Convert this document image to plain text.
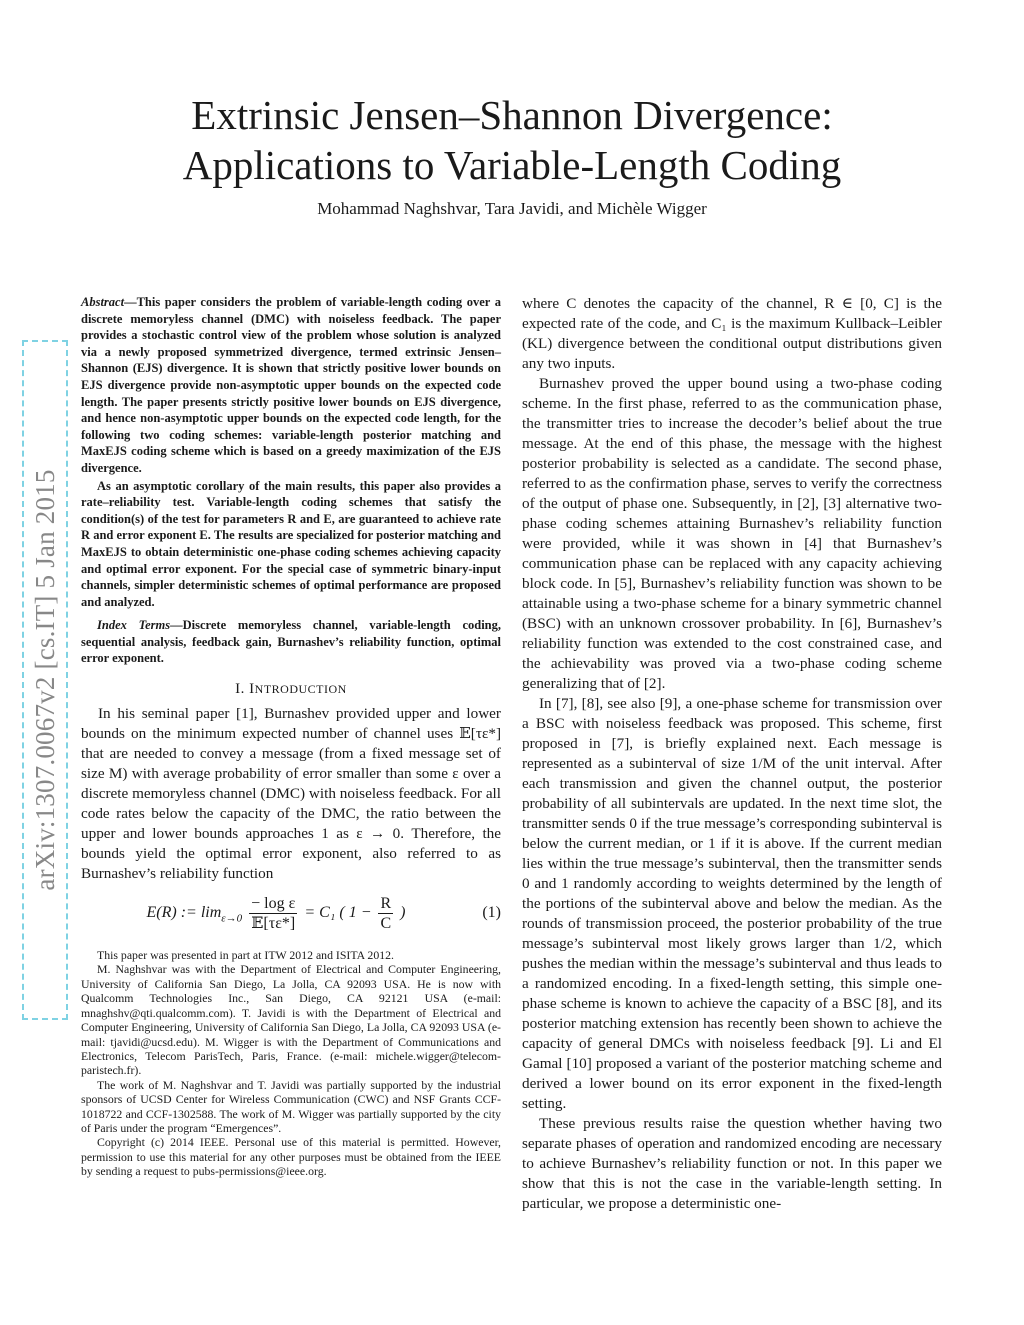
arXiv:1307.0067v2 [cs.IT] 5 Jan 2015
Extrinsic Jensen–Shannon Divergence:
Applications to Variable-Length Coding
Mohammad Naghshvar, Tara Javidi, and Michèle Wigger

Abstract—This paper considers the problem of variable-length coding over a discrete memoryless channel (DMC) with noiseless feedback. The paper provides a stochastic control view of the problem whose solution is analyzed via a newly proposed symmetrized divergence, termed extrinsic Jensen–Shannon (EJS) divergence. It is shown that strictly positive lower bounds on EJS divergence provide non-asymptotic upper bounds on the expected code length. The paper presents strictly positive lower bounds on EJS divergence, and hence non-asymptotic upper bounds on the expected code length, for the following two coding schemes: variable-length posterior matching and MaxEJS coding scheme which is based on a greedy maximization of the EJS divergence.

As an asymptotic corollary of the main results, this paper also provides a rate–reliability test. Variable-length coding schemes that satisfy the condition(s) of the test for parameters R and E, are guaranteed to achieve rate R and error exponent E. The results are specialized for posterior matching and MaxEJS to obtain deterministic one-phase coding schemes achieving capacity and optimal error exponent. For the special case of symmetric binary-input channels, simpler deterministic schemes of optimal performance are proposed and analyzed.

Index Terms—Discrete memoryless channel, variable-length coding, sequential analysis, feedback gain, Burnashev’s reliability function, optimal error exponent.

I. INTRODUCTION

In his seminal paper [1], Burnashev provided upper and lower bounds on the minimum expected number of channel uses 𝔼[τε*] that are needed to convey a message (from a fixed message set of size M) with average probability of error smaller than some ε over a discrete memoryless channel (DMC) with noiseless feedback. For all code rates below the capacity of the DMC, the ratio between the upper and lower bounds approaches 1 as ε → 0. Therefore, the bounds yield the optimal error exponent, also referred to as Burnashev’s reliability function

E(R) := $\lim_{\varepsilon\to 0} \frac{\text{− log ε}}{\text{𝔼[τε*]}} = C_1$ ( $1 - \frac{R}{C}$ )	(1)

This paper was presented in part at ITW 2012 and ISITA 2012.

M. Naghshvar was with the Department of Electrical and Computer Engineering, University of California San Diego, La Jolla, CA 92093 USA. He is now with Qualcomm Technologies Inc., San Diego, CA 92121 USA (e-mail: mnaghshv@qti.qualcomm.com). T. Javidi is with the Department of Electrical and Computer Engineering, University of California San Diego, La Jolla, CA 92093 USA (e-mail: tjavidi@ucsd.edu). M. Wigger is with the Department of Communications and Electronics, Telecom ParisTech, Paris, France. (e-mail: michele.wigger@telecom-paristech.fr).

The work of M. Naghshvar and T. Javidi was partially supported by the industrial sponsors of UCSD Center for Wireless Communication (CWC) and NSF Grants CCF-1018722 and CCF-1302588. The work of M. Wigger was partially supported by the city of Paris under the program “Emergences”.

Copyright (c) 2014 IEEE. Personal use of this material is permitted. However, permission to use this material for any other purposes must be obtained from the IEEE by sending a request to pubs-permissions@ieee.org.

where C denotes the capacity of the channel, R ∈ [0, C] is the expected rate of the code, and C₁ is the maximum Kullback–Leibler (KL) divergence between the conditional output distributions given any two inputs.

Burnashev proved the upper bound using a two-phase coding scheme. In the first phase, referred to as the communication phase, the transmitter tries to increase the decoder’s belief about the true message. At the end of this phase, the message with the highest posterior probability is selected as a candidate. The second phase, referred to as the confirmation phase, serves to verify the correctness of the output of phase one. Subsequently, in [2], [3] alternative two-phase coding schemes attaining Burnashev’s reliability function were provided, while it was shown in [4] that Burnashev’s communication phase can be replaced with any capacity achieving block code. In [5], Burnashev’s reliability function was shown to be attainable using a two-phase scheme for a binary symmetric channel (BSC) with an unknown crossover probability. In [6], Burnashev’s reliability function was extended to the cost constrained case, and the achievability was proved via a two-phase coding scheme generalizing that of [2].

In [7], [8], see also [9], a one-phase scheme for transmission over a BSC with noiseless feedback was proposed. This scheme, first proposed in [7], is briefly explained next. Each message is represented as a subinterval of size 1/M of the unit interval. After each transmission and given the channel output, the posterior probability of all subintervals are updated. In the next time slot, the transmitter sends 0 if the true message’s corresponding subinterval is below the current median, or 1 if it is above. If the current median lies within the true message’s subinterval, then the transmitter sends 0 and 1 randomly according to weights determined by the length of the portions of the subinterval above and below the median. As the rounds of transmission proceed, the posterior probability of the true message’s subinterval most likely grows larger than 1/2, which pushes the median within the message’s subinterval and thus leads to a randomized encoding. In a fixed-length setting, this simple one-phase scheme is known to achieve the capacity of a BSC [8], and its posterior matching extension has recently been shown to achieve the capacity of general DMCs with noiseless feedback [9]. Li and El Gamal [10] proposed a variant of the posterior matching scheme and derived a lower bound on its error exponent in the fixed-length setting.

These previous results raise the question whether having two separate phases of operation and randomized encoding are necessary to achieve Burnashev’s reliability function or not. In this paper we show that this is not the case in the variable-length setting. In particular, we propose a deterministic one-
